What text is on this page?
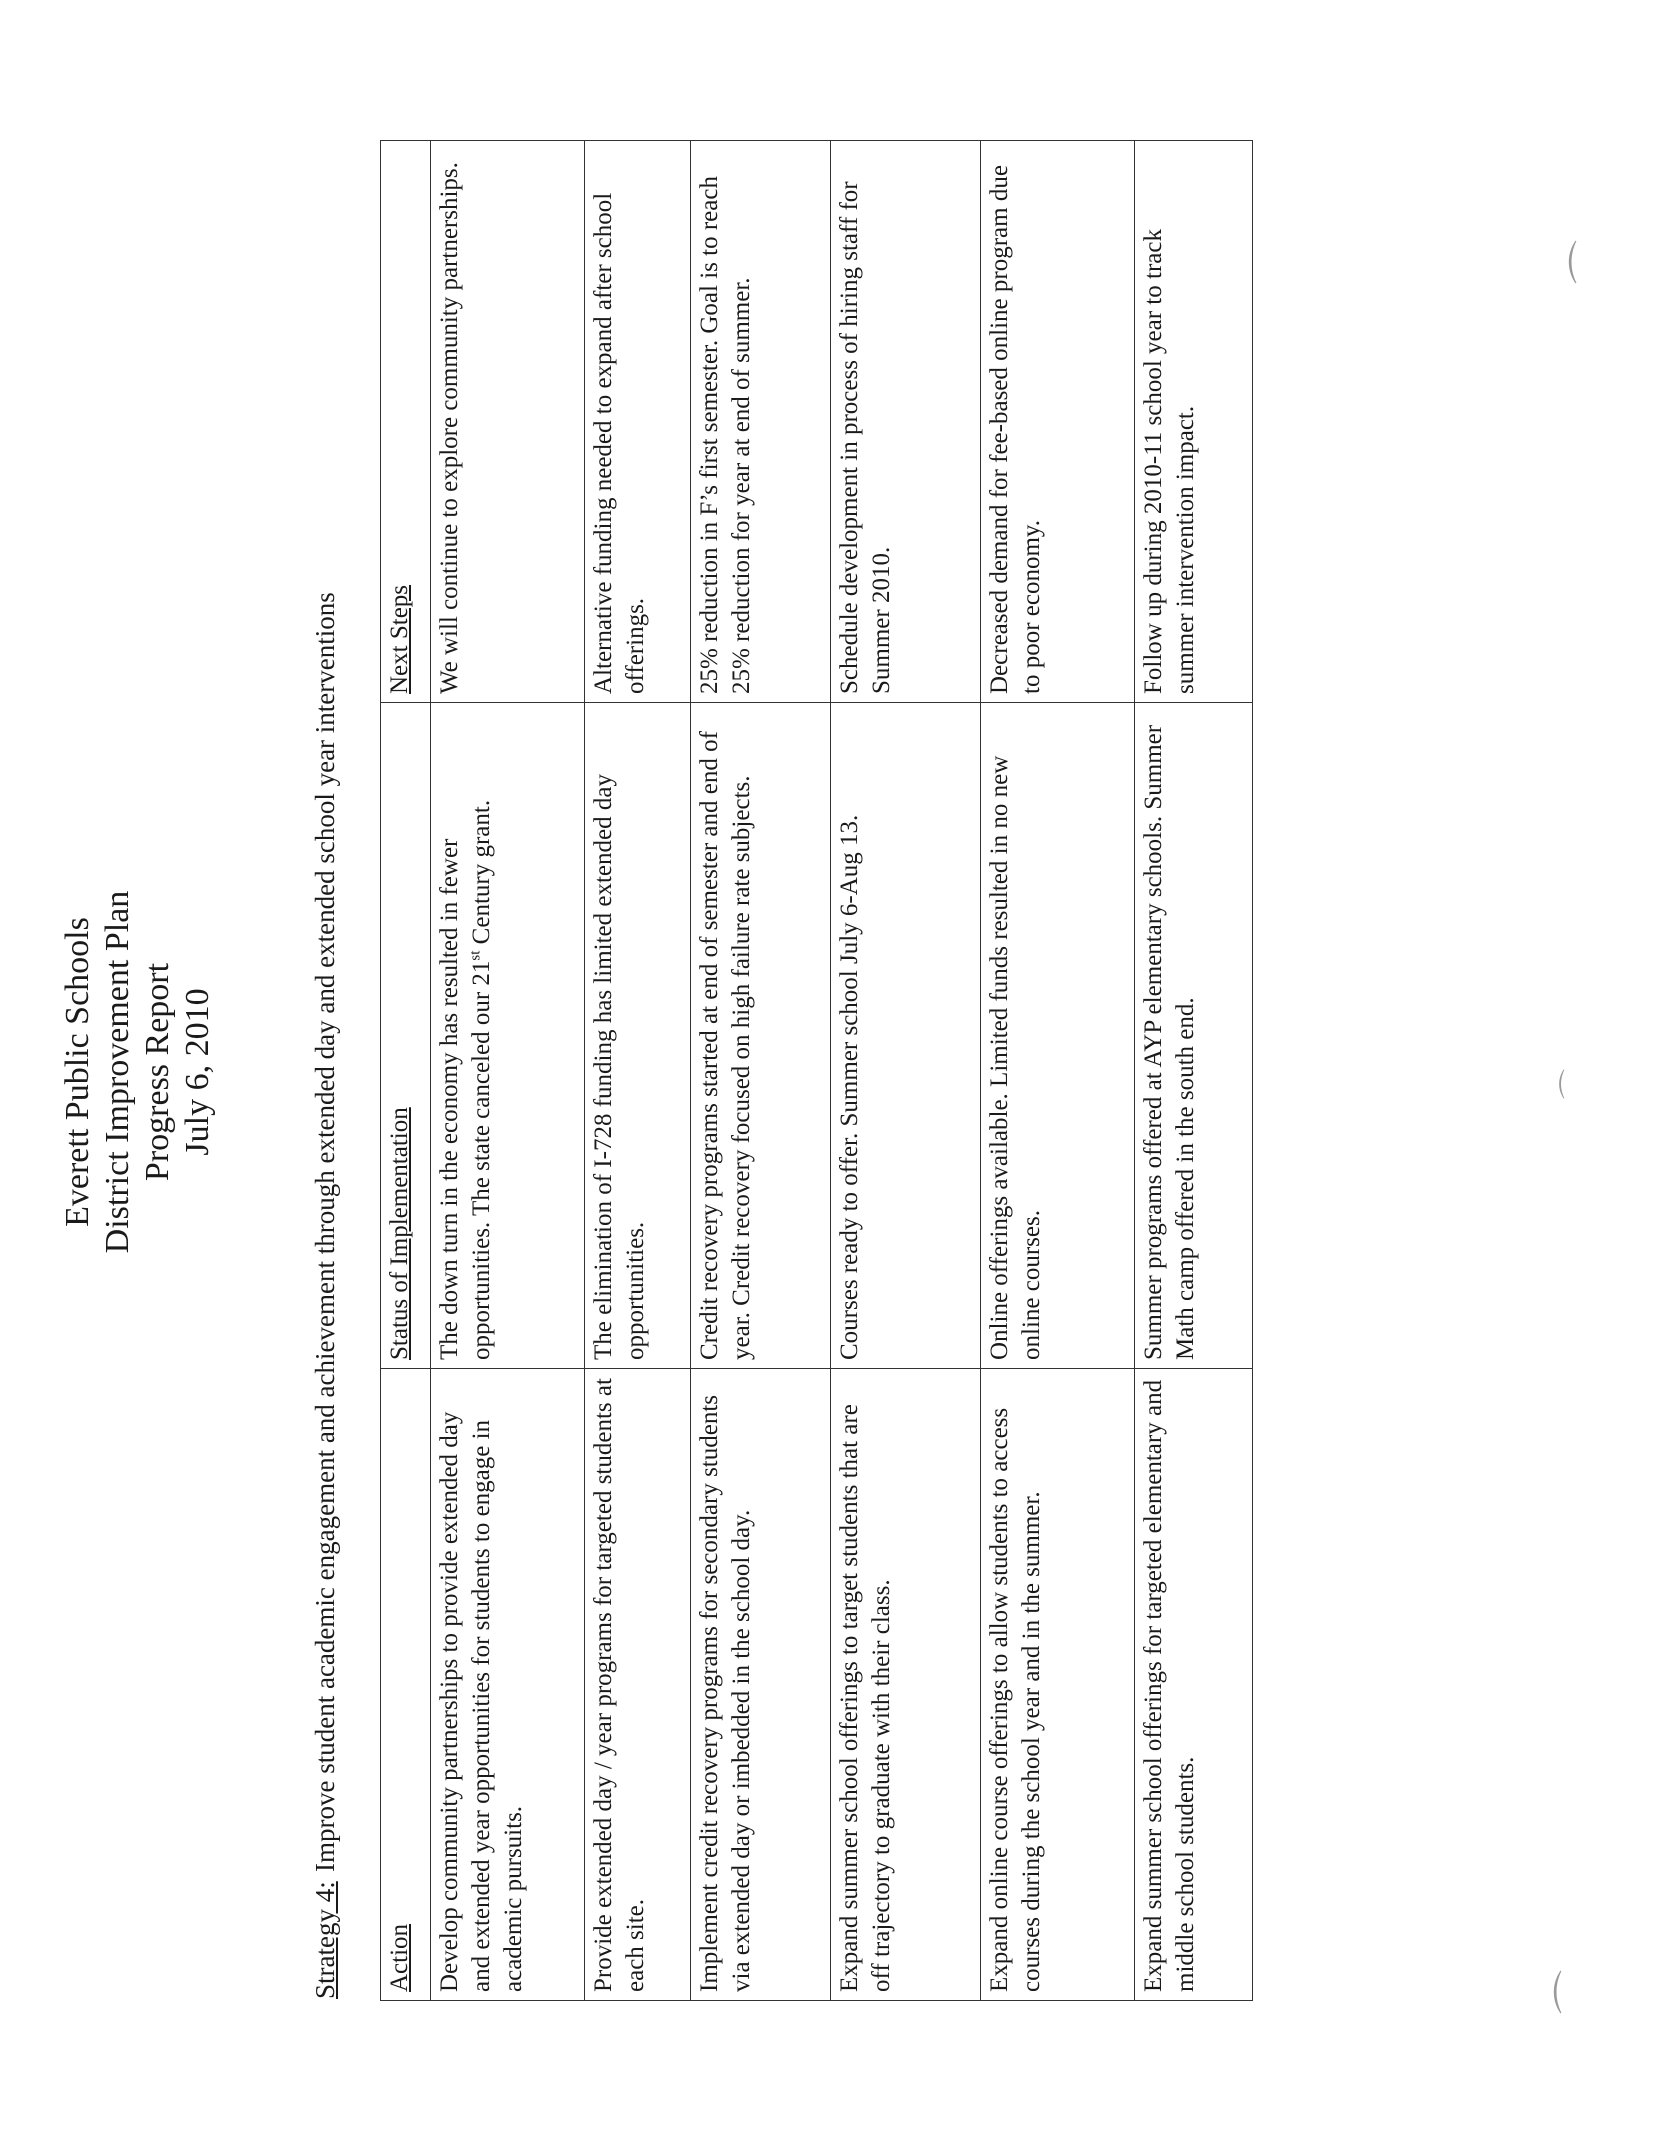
Everett Public Schools District Improvement Plan Progress Report July 6, 2010
Strategy 4:Improve student academic engagement and achievement through extended day and extended school year interventions
Action	Status of Implementation	Next Steps
Develop community partnerships to provide extended day and extended year opportunities for students to engage in academic pursuits.	The down turn in the economy has resulted in fewer opportunities. The state canceled our 21st Century grant.	We will continue to explore community partnerships.
Provide extended day / year programs for targeted students at each site.	The elimination of I-728 funding has limited extended day opportunities.	Alternative funding needed to expand after school offerings.
Implement credit recovery programs for secondary students via extended day or imbedded in the school day.	Credit recovery programs started at end of semester and end of year. Credit recovery focused on high failure rate subjects.	25% reduction in F’s first semester. Goal is to reach 25% reduction for year at end of summer.
Expand summer school offerings to target students that are off trajectory to graduate with their class.	Courses ready to offer. Summer school July 6-Aug 13.	Schedule development in process of hiring staff for Summer 2010.
Expand online course offerings to allow students to access courses during the school year and in the summer.	Online offerings available. Limited funds resulted in no new online courses.	Decreased demand for fee-based online program due to poor economy.
Expand summer school offerings for targeted elementary and middle school students.	Summer programs offered at AYP elementary schools. Summer Math camp offered in the south end.	Follow up during 2010-11 school year to track summer intervention impact.
⌒
⌒
⌒
